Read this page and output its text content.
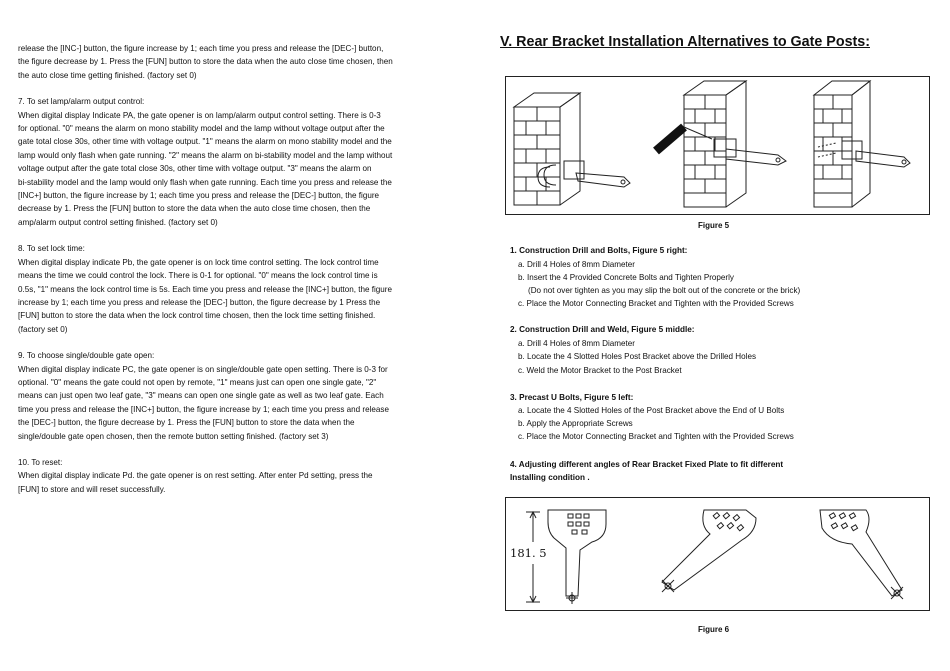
release the [INC-] button, the figure increase by 1; each time you press and release the [DEC-] button,

the figure decrease by 1. Press the [FUN] button to store the data when the auto close time chosen, then

the auto close time getting finished. (factory set 0)

7. To set lamp/alarm output control:

When digital display Indicate PA, the gate opener is on lamp/alarm output control setting. There is 0-3

for optional. "0" means the alarm on mono stability model and the lamp without voltage output after the

gate total close 30s, other time with voltage output. "1" means the alarm on mono stability model and the

lamp would only flash when gate running. "2" means the alarm on bi-stability model and the lamp without

voltage output after the gate total close 30s, other time with voltage output. "3" means the alarm on

bi-stability model and the lamp would only flash when gate running. Each time you press and release the

[INC+] button, the figure increase by 1; each time you press and release the [DEC-] button, the figure

decrease by 1. Press the [FUN] button to store the data when the auto close time chosen, then the

amp/alarm output control setting finished. (factory set 0)

8. To set lock time:

When digital display indicate Pb, the gate opener is on lock time control setting. The lock control time

means the time we could control the lock. There is 0-1 for optional. "0" means the lock control time is

0.5s, "1" means the lock control time is 5s. Each time you press and release the [INC+] button, the figure

increase by 1; each time you press and release the [DEC-] button, the figure decrease by 1 Press the

[FUN] button to store the data when the lock control time chosen, then the lock time setting finished.

(factory set 0)

9. To choose single/double gate open:

When digital display indicate PC, the gate opener is on single/double gate open setting. There is 0-3 for

optional. "0" means the gate could not open by remote, "1" means just can open one single gate, "2"

means can just open two leaf gate, "3" means can open one single gate as well as two leaf gate. Each

time you press and release the [INC+] button, the figure increase by 1; each time you press and release

the [DEC-] button, the figure decrease by 1. Press the [FUN] button to store the data when the

single/double gate open chosen, then the remote button setting finished. (factory set 3)

10. To reset:

When digital display indicate Pd. the gate opener is on rest setting. After enter Pd setting, press the

[FUN] to store and will reset successfully.

V. Rear Bracket Installation Alternatives to Gate Posts:
Figure 5

1. Construction Drill and Bolts, Figure 5 right:

a. Drill 4 Holes of 8mm Diameter

b. Insert the 4 Provided Concrete Bolts and Tighten Properly

(Do not over tighten as you may slip the bolt out of the concrete or the brick)

c. Place the Motor Connecting Bracket and Tighten with the Provided Screws

2. Construction Drill and Weld, Figure 5 middle:

a. Drill 4 Holes of 8mm Diameter

b. Locate the 4 Slotted Holes Post Bracket above the Drilled Holes

c. Weld the Motor Bracket to the Post Bracket

3. Precast U Bolts, Figure 5 left:

a. Locate the 4 Slotted Holes of the Post Bracket above the End of U Bolts

b. Apply the Appropriate Screws

c. Place the Motor Connecting Bracket and Tighten with the Provided Screws

4. Adjusting different angles of Rear Bracket Fixed Plate to fit different

Installing condition .

181. 5
Figure 6
